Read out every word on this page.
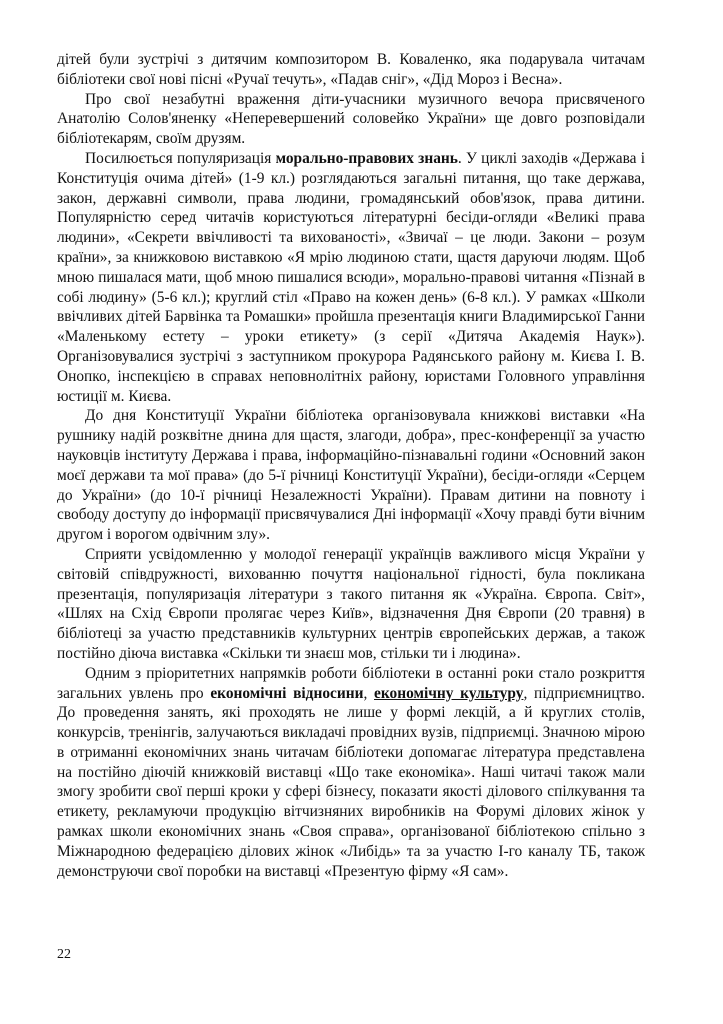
дітей були зустрічі з дитячим композитором В. Коваленко, яка подарувала читачам бібліотеки свої нові пісні «Ручаї течуть», «Падав сніг», «Дід Мороз і Весна».

Про свої незабутні враження діти-учасники музичного вечора присвяченого Анатолію Солов'яненку «Неперевершений соловейко України» ще довго розповідали бібліотекарям, своїм друзям.

Посилюється популяризація морально-правових знань. У циклі заходів «Держава і Конституція очима дітей» (1-9 кл.) розглядаються загальні питання, що таке держава, закон, державні символи, права людини, громадянський обов'язок, права дитини. Популярністю серед читачів користуються літературні бесіди-огляди «Великі права людини», «Секрети ввічливості та вихованості», «Звичаї – це люди. Закони – розум країни», за книжковою виставкою «Я мрію людиною стати, щастя даруючи людям. Щоб мною пишалася мати, щоб мною пишалися всюди», морально-правові читання «Пізнай в собі людину» (5-6 кл.); круглий стіл «Право на кожен день» (6-8 кл.). У рамках «Школи ввічливих дітей Барвінка та Ромашки» пройшла презентація книги Владимирської Ганни «Маленькому естету – уроки етикету» (з серії «Дитяча Академія Наук»). Організовувалися зустрічі з заступником прокурора Радянського району м. Києва І. В. Онопко, інспекцією в справах неповнолітніх району, юристами Головного управління юстиції м. Києва.

До дня Конституції України бібліотека організовувала книжкові виставки «На рушнику надій розквітне днина для щастя, злагоди, добра», прес-конференції за участю науковців інституту Держава і права, інформаційно-пізнавальні години «Основний закон моєї держави та мої права» (до 5-ї річниці Конституції України), бесіди-огляди «Серцем до України» (до 10-ї річниці Незалежності України). Правам дитини на повноту і свободу доступу до інформації присвячувалися Дні інформації «Хочу правді бути вічним другом і ворогом одвічним злу».

Сприяти усвідомленню у молодої генерації українців важливого місця України у світовій співдружності, вихованню почуття національної гідності, була покликана презентація, популяризація літератури з такого питання як «Україна. Європа. Світ», «Шлях на Схід Європи пролягає через Київ», відзначення Дня Європи (20 травня) в бібліотеці за участю представників культурних центрів європейських держав, а також постійно діюча виставка «Скільки ти знаєш мов, стільки ти і людина».

Одним з пріоритетних напрямків роботи бібліотеки в останні роки стало розкриття загальних увлень про економічні відносини, економічну культуру, підприємництво. До проведення занять, які проходять не лише у формі лекцій, а й круглих столів, конкурсів, тренінгів, залучаються викладачі провідних вузів, підприємці. Значною мірою в отриманні економічних знань читачам бібліотеки допомагає література представлена на постійно діючій книжковій виставці «Що таке економіка». Наші читачі також мали змогу зробити свої перші кроки у сфері бізнесу, показати якості ділового спілкування та етикету, рекламуючи продукцію вітчизняних виробників на Форумі ділових жінок у рамках школи економічних знань «Своя справа», організованої бібліотекою спільно з Міжнародною федерацією ділових жінок «Либідь» та за участю І-го каналу ТБ, також демонструючи свої поробки на виставці «Презентую фірму «Я сам».

22
